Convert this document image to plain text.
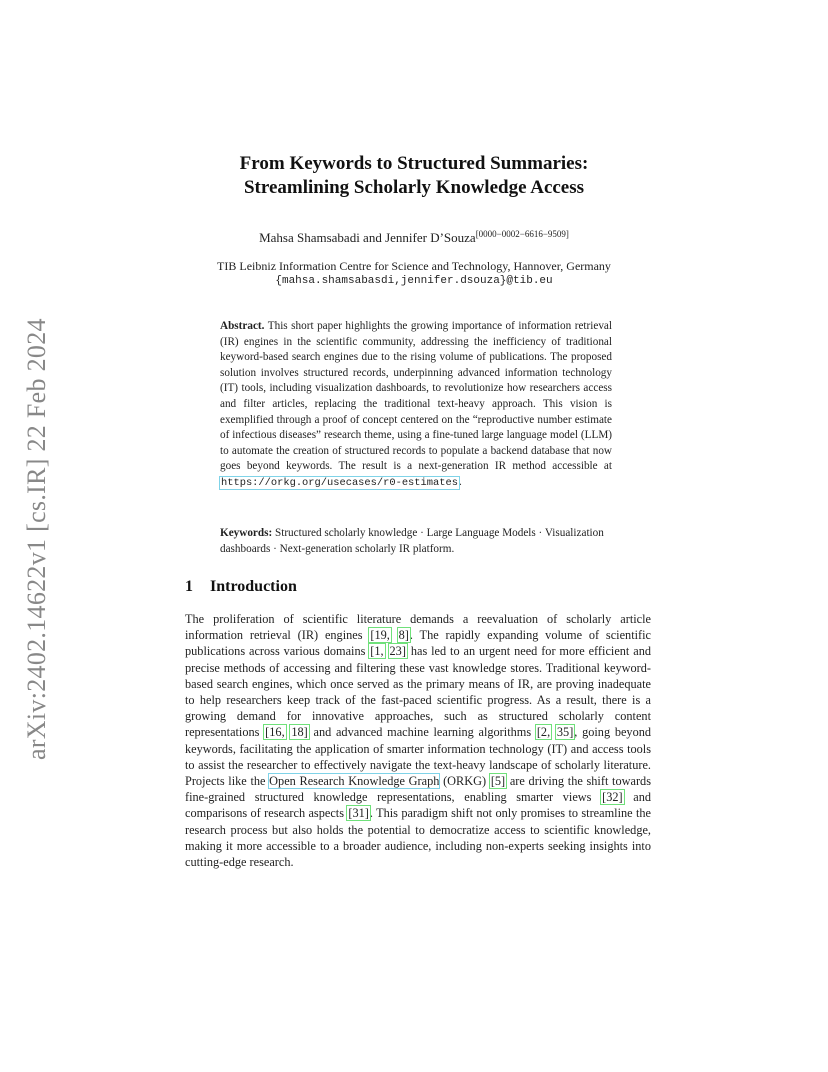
arXiv:2402.14622v1 [cs.IR] 22 Feb 2024
From Keywords to Structured Summaries:
Streamlining Scholarly Knowledge Access
Mahsa Shamsabadi and Jennifer D’Souza[0000−0002−6616−9509]
TIB Leibniz Information Centre for Science and Technology, Hannover, Germany
{mahsa.shamsabasdi,jennifer.dsouza}@tib.eu
Abstract. This short paper highlights the growing importance of information retrieval (IR) engines in the scientific community, addressing the inefficiency of traditional keyword-based search engines due to the rising volume of publications. The proposed solution involves structured records, underpinning advanced information technology (IT) tools, including visualization dashboards, to revolutionize how researchers access and filter articles, replacing the traditional text-heavy approach. This vision is exemplified through a proof of concept centered on the “reproductive number estimate of infectious diseases” research theme, using a fine-tuned large language model (LLM) to automate the creation of structured records to populate a backend database that now goes beyond keywords. The result is a next-generation IR method accessible at https://orkg.org/usecases/r0-estimates.
Keywords: Structured scholarly knowledge · Large Language Models · Visualization dashboards · Next-generation scholarly IR platform.
1 Introduction

The proliferation of scientific literature demands a reevaluation of scholarly article information retrieval (IR) engines [19, 8]. The rapidly expanding volume of scientific publications across various domains [1, 23] has led to an urgent need for more efficient and precise methods of accessing and filtering these vast knowledge stores. Traditional keyword-based search engines, which once served as the primary means of IR, are proving inadequate to help researchers keep track of the fast-paced scientific progress. As a result, there is a growing demand for innovative approaches, such as structured scholarly content representations [16, 18] and advanced machine learning algorithms [2, 35], going beyond keywords, facilitating the application of smarter information technology (IT) and access tools to assist the researcher to effectively navigate the text-heavy landscape of scholarly literature. Projects like the Open Research Knowledge Graph (ORKG) [5] are driving the shift towards fine-grained structured knowledge representations, enabling smarter views [32] and comparisons of research aspects [31]. This paradigm shift not only promises to streamline the research process but also holds the potential to democratize access to scientific knowledge, making it more accessible to a broader audience, including non-experts seeking insights into cutting-edge research.
